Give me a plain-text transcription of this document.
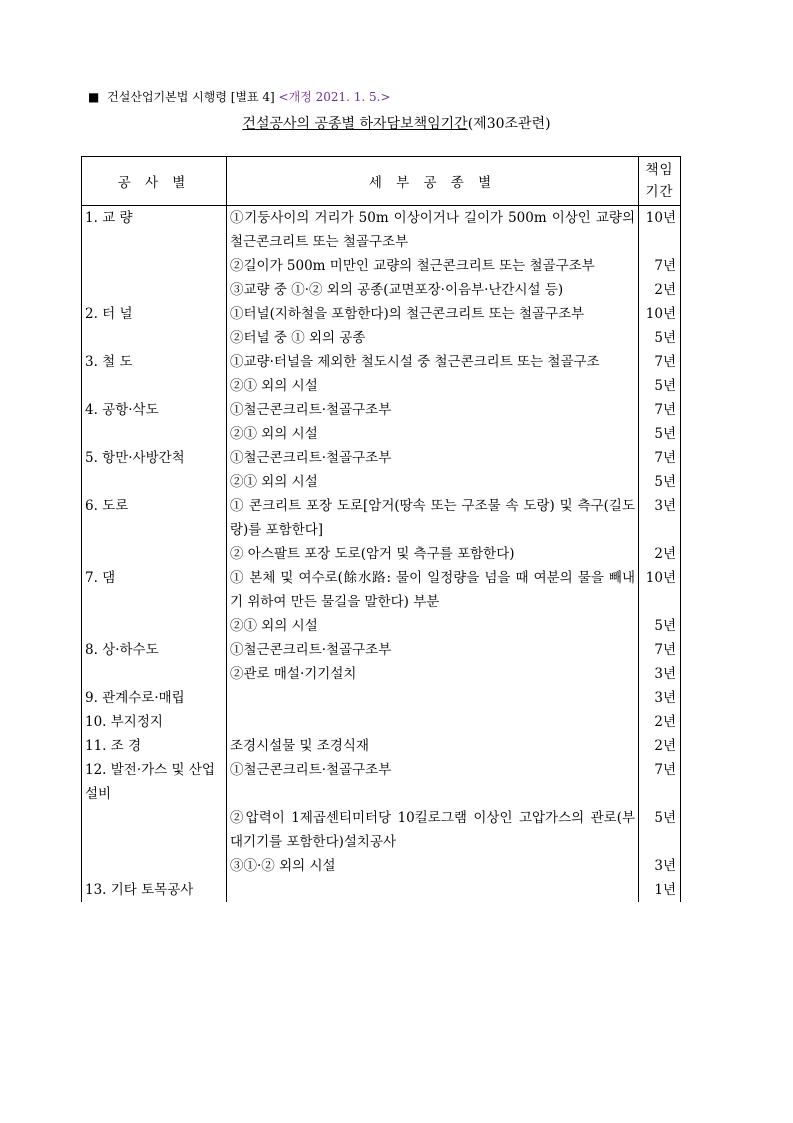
■ 건설산업기본법 시행령 [별표 4] <개정 2021. 1. 5.>
건설공사의 공종별 하자담보책임기간(제30조관련)
공 사 별	세 부 공 종 별	책임
기간
1. 교 량	①기둥사이의 거리가 50m 이상이거나 길이가 500m 이상인 교량의 철근콘크리트 또는 철골구조부	10년
	②길이가 500m 미만인 교량의 철근콘크리트 또는 철골구조부	7년
	③교량 중 ①·② 외의 공종(교면포장·이음부·난간시설 등)	2년
2. 터 널	①터널(지하철을 포함한다)의 철근콘크리트 또는 철골구조부	10년
	②터널 중 ① 외의 공종	5년
3. 철 도	①교량·터널을 제외한 철도시설 중 철근콘크리트 또는 철골구조	7년
	②① 외의 시설	5년
4. 공항·삭도	①철근콘크리트·철골구조부	7년
	②① 외의 시설	5년
5. 항만·사방간척	①철근콘크리트·철골구조부	7년
	②① 외의 시설	5년
6. 도로	① 콘크리트 포장 도로[암거(땅속 또는 구조물 속 도랑) 및 측구(길도랑)를 포함한다]	3년
	② 아스팔트 포장 도로(암거 및 측구를 포함한다)	2년
7. 댐	① 본체 및 여수로(餘水路: 물이 일정량을 넘을 때 여분의 물을 빼내기 위하여 만든 물길을 말한다) 부분	10년
	②① 외의 시설	5년
8. 상·하수도	①철근콘크리트·철골구조부	7년
	②관로 매설·기기설치	3년
9. 관계수로·매립		3년
10. 부지정지		2년
11. 조 경	조경시설물 및 조경식재	2년
12. 발전·가스 및 산업설비	①철근콘크리트·철골구조부	7년
	②압력이 1제곱센티미터당 10킬로그램 이상인 고압가스의 관로(부대기기를 포함한다)설치공사	5년
	③①·② 외의 시설	3년
13. 기타 토목공사		1년
